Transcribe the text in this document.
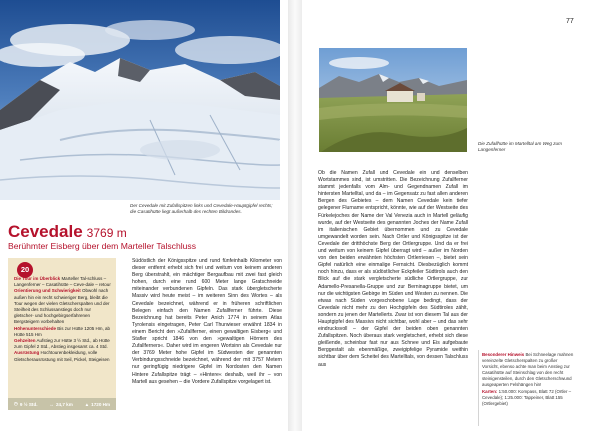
Der Cevedale mit Zufallspitzen links und Cevedale-Hauptgipfel rechts; die Casatihütte liegt außerhalb des rechten Bildrandes.
Die Zufallhütte im Martelltal am Weg zum Langenferner
77
Cevedale 3769 m
Berühmter Eisberg über dem Marteller Talschluss
20
Die Tour im Überblick Marteller Tal-schluss – Langenferner – Casatihütte – Ceve-dale – retour
Orientierung und Schwierigkeit Obwohl nach außen hin ein recht schwieriger Berg, bleibt die Tour wegen der vielen Gletscherspalten und der Steilheit des Schlussanstiegs doch nur gletscher- und hochgebirgserfahrenen Bergsteigern vorbehalten
Höhenunterschiede Bis zur Hütte 1205 Hm, ab Hütte 515 Hm
Gehzeiten Aufstieg zur Hütte 3 ½ Std., ab Hütte zum Gipfel 2 Std., Abstieg insgesamt ca. 4 Std.
Ausrüstung Hochtourenbekleidung, volle Gletscherausrüstung mit Seil, Pickel, Steigeisen
◷ 9 ½ Std.	↔ 24,7 km	▲ 1720 Hm
Südöstlich der Königsspitze und rund fünfeinhalb Kilometer von dieser entfernt erhebt sich frei und weitum von keinem anderen Berg überstrahlt, ein mächtiger Bergaufbau mit zwei fast gleich hohen, durch eine rund 600 Meter lange Gratschneide miteinander verbundenen Gipfeln. Das stark übergletscherte Massiv wird heute meist – im weiteren Sinn des Wortes – als Cevedale bezeichnet, während er in früheren schriftlichen Belegen einfach den Namen Zufallferner führte. Diese Bezeichnung hat bereits Peter Anich 1774 in seinem Atlas Tyrolensis eingetragen, Peter Carl Thurwieser erwähnt 1834 in einem Bericht den »Zufallferner, einen gewaltigen Eisberg« und Stafler spricht 1846 von den »gewaltigen Hörnern des Zufallferners«. Daher wird im engeren Wortsinn als Cevedale nur der 3769 Meter hohe Gipfel im Südwesten der genannten Verbindungsschneide bezeichnet, während der mit 3757 Metern nur geringfügig niedrigere Gipfel im Nordosten den Namen Hintere Zufallspitze trägt – »Hintere« deshalb, weil ihr – von Martell aus gesehen – die Vordere Zufallspitze vorgelagert ist.
Ob die Namen Zufall und Cevedale ein und denselben Wortstammes sind, ist umstritten. Die Bezeichnung Zufallferner stammt jedenfalls vom Alm- und Gegendnamen Zufall im hintersten Martelltal, und da – im Gegensatz zu fast allen anderen Bergen des Gebietes – dem Namen Cevedale kein tiefer gelegener Flurname entspricht, könnte, wie auf der Westseite des Fürkelejoches der Name der Val Venezia auch in Martell geläufig wurde, auf der Westseite des genannten Joches der Name Zufall im italienischen Gebiet übernommen und zu Cevedale umgewandelt worden sein. Nach Ortler und Königsspitze ist der Cevedale der dritthöchste Berg der Ortlergruppe. Und da er frei und weitum von keinem Gipfel überragt wird – außer im Norden von den beiden erwähnten höchsten Ortlerriesen –, bietet sein Gipfel natürlich eine einmalige Fernsicht. Diesbezüglich kommt noch hinzu, dass er als südöstlicher Eckpfeiler Südtirols auch den Blick auf die stark vergletscherte südliche Ortlergruppe, zur Adamello-Presanella-Gruppe und zur Berninagruppe bietet, um nur die wichtigsten Gebirge im Süden und Westen zu nennen. Die etwas nach Süden vorgeschobene Lage bedingt, dass der Cevedale nicht mehr zu den Hochgipfeln des Südtiroles zählt, sondern zu jenen der Martellerts. Zwar ist von diesem Tal aus der Hauptgipfel des Massivs nicht sichtbar, wohl aber – und das sehr eindrucksvoll – der Gipfel der beiden oben genannten Zufallspitzen. Noch überaus stark vergletschert, erhebt sich diese gleißende, scheinbar fast nur aus Schnee und Eis aufgebaute Berggestalt als ebenmäßige, zweigipfelige Pyramide weithin sichtbar über dem Scheitel des Martelltals, von dessen Talschluss aus
Besonderer Hinweis Bei Schneelage mahnen vereinzelte Gletscherspalten zu großer Vorsicht, ebenso achte man beim Anstieg zur Casatihütte auf Steinschlag von den recht steinigensteilen, durch den Gletscherschwund ausgeaperten Felshängen hin!
Karten: 1:50.000: Kompass, Blatt 72 (Ortler – Cevedale); 1:25.000: Tappeiner, Blatt 155 (Ortlergebiet)
